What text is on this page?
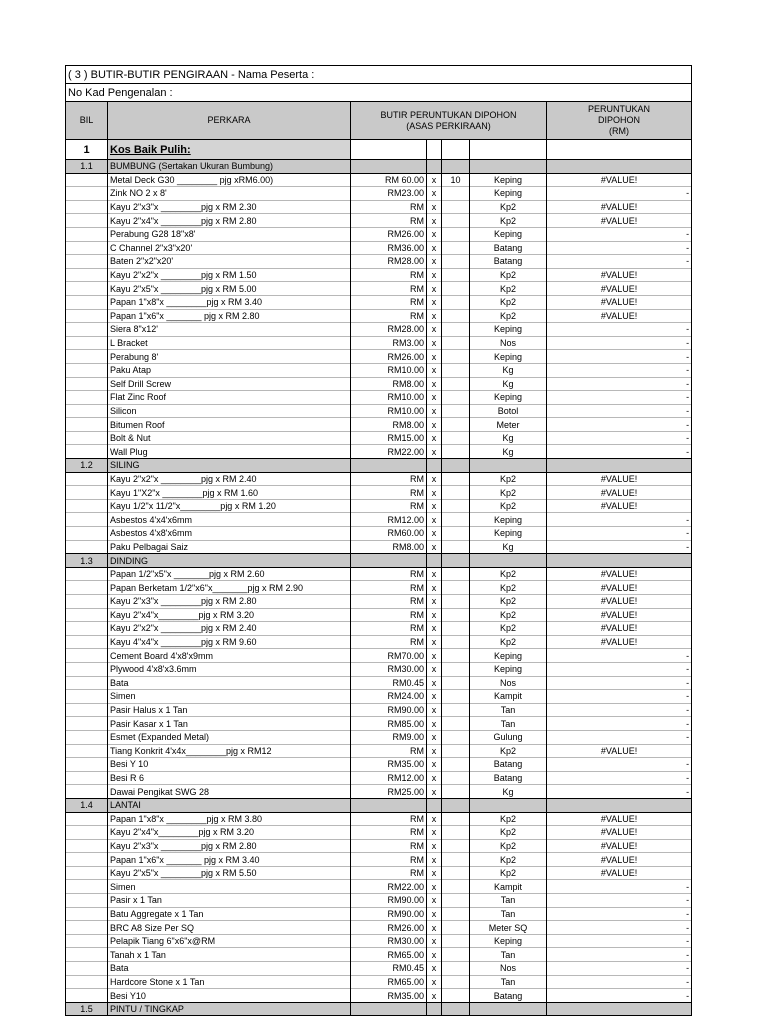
( 3 ) BUTIR-BUTIR PENGIRAAN - Nama Peserta :						
No Kad Pengenalan :						
BIL	PERKARA	BUTIR PERUNTUKAN DIPOHON
(ASAS PERKIRAAN)				PERUNTUKAN
DIPOHON
(RM)
1	Kos Baik Pulih:					
1.1	BUMBUNG (Sertakan Ukuran Bumbung)					
	Metal Deck G30 ________ pjg xRM6.00)	RM 60.00	x	10	Keping	#VALUE!
	Zink NO 2 x 8'	RM23.00	x		Keping	-
	Kayu 2"x3"x ________pjg x RM 2.30	RM	x		Kp2	#VALUE!
	Kayu 2"x4"x ________pjg x RM 2.80	RM	x		Kp2	#VALUE!
	Perabung G28 18"x8'	RM26.00	x		Keping	-
	C Channel 2"x3"x20'	RM36.00	x		Batang	-
	Baten 2"x2"x20'	RM28.00	x		Batang	-
	Kayu 2"x2"x ________pjg x RM 1.50	RM	x		Kp2	#VALUE!
	Kayu 2"x5"x ________pjg x RM 5.00	RM	x		Kp2	#VALUE!
	Papan 1"x8"x ________pjg x RM 3.40	RM	x		Kp2	#VALUE!
	Papan 1"x6"x _______ pjg x RM 2.80	RM	x		Kp2	#VALUE!
	Siera 8"x12'	RM28.00	x		Keping	-
	L Bracket	RM3.00	x		Nos	-
	Perabung 8'	RM26.00	x		Keping	-
	Paku Atap	RM10.00	x		Kg	-
	Self Drill Screw	RM8.00	x		Kg	-
	Flat Zinc Roof	RM10.00	x		Keping	-
	Silicon	RM10.00	x		Botol	-
	Bitumen Roof	RM8.00	x		Meter	-
	Bolt & Nut	RM15.00	x		Kg	-
	Wall Plug	RM22.00	x		Kg	-
1.2	SILING					
	Kayu 2"x2"x ________pjg x RM 2.40	RM	x		Kp2	#VALUE!
	Kayu 1"X2"x ________pjg x RM 1.60	RM	x		Kp2	#VALUE!
	Kayu 1/2"x 11/2"x________pjg x RM 1.20	RM	x		Kp2	#VALUE!
	Asbestos 4'x4'x6mm	RM12.00	x		Keping	-
	Asbestos 4'x8'x6mm	RM60.00	x		Keping	-
	Paku Pelbagai Saiz	RM8.00	x		Kg	-
1.3	DINDING					
	Papan 1/2"x5"x _______pjg x RM 2.60	RM	x		Kp2	#VALUE!
	Papan Berketam 1/2"x6"x_______pjg x RM 2.90	RM	x		Kp2	#VALUE!
	Kayu 2"x3"x ________pjg x RM 2.80	RM	x		Kp2	#VALUE!
	Kayu 2"x4"x________pjg x RM 3.20	RM	x		Kp2	#VALUE!
	Kayu 2"x2"x ________pjg x RM 2.40	RM	x		Kp2	#VALUE!
	Kayu 4"x4"x ________pjg x RM 9.60	RM	x		Kp2	#VALUE!
	Cement Board 4'x8'x9mm	RM70.00	x		Keping	-
	Plywood 4'x8'x3.6mm	RM30.00	x		Keping	-
	Bata	RM0.45	x		Nos	-
	Simen	RM24.00	x		Kampit	-
	Pasir Halus x 1 Tan	RM90.00	x		Tan	-
	Pasir Kasar x 1 Tan	RM85.00	x		Tan	-
	Esmet (Expanded Metal)	RM9.00	x		Gulung	-
	Tiang Konkrit 4'x4x________pjg x RM12	RM	x		Kp2	#VALUE!
	Besi Y 10	RM35.00	x		Batang	-
	Besi R 6	RM12.00	x		Batang	-
	Dawai Pengikat SWG 28	RM25.00	x		Kg	-
1.4	LANTAI					
	Papan 1"x8"x ________pjg x RM 3.80	RM	x		Kp2	#VALUE!
	Kayu 2"x4"x________pjg x RM 3.20	RM	x		Kp2	#VALUE!
	Kayu 2"x3"x ________pjg x RM 2.80	RM	x		Kp2	#VALUE!
	Papan 1"x6"x _______ pjg x RM 3.40	RM	x		Kp2	#VALUE!
	Kayu 2"x5"x ________pjg x RM 5.50	RM	x		Kp2	#VALUE!
	Simen	RM22.00	x		Kampit	-
	Pasir x 1 Tan	RM90.00	x		Tan	-
	Batu Aggregate x 1 Tan	RM90.00	x		Tan	-
	BRC A8 Size Per SQ	RM26.00	x		Meter SQ	-
	Pelapik Tiang 6"x6"x@RM	RM30.00	x		Keping	-
	Tanah x 1 Tan	RM65.00	x		Tan	-
	Bata	RM0.45	x		Nos	-
	Hardcore Stone x 1 Tan	RM65.00	x		Tan	-
	Besi Y10	RM35.00	x		Batang	-
1.5	PINTU / TINGKAP					
